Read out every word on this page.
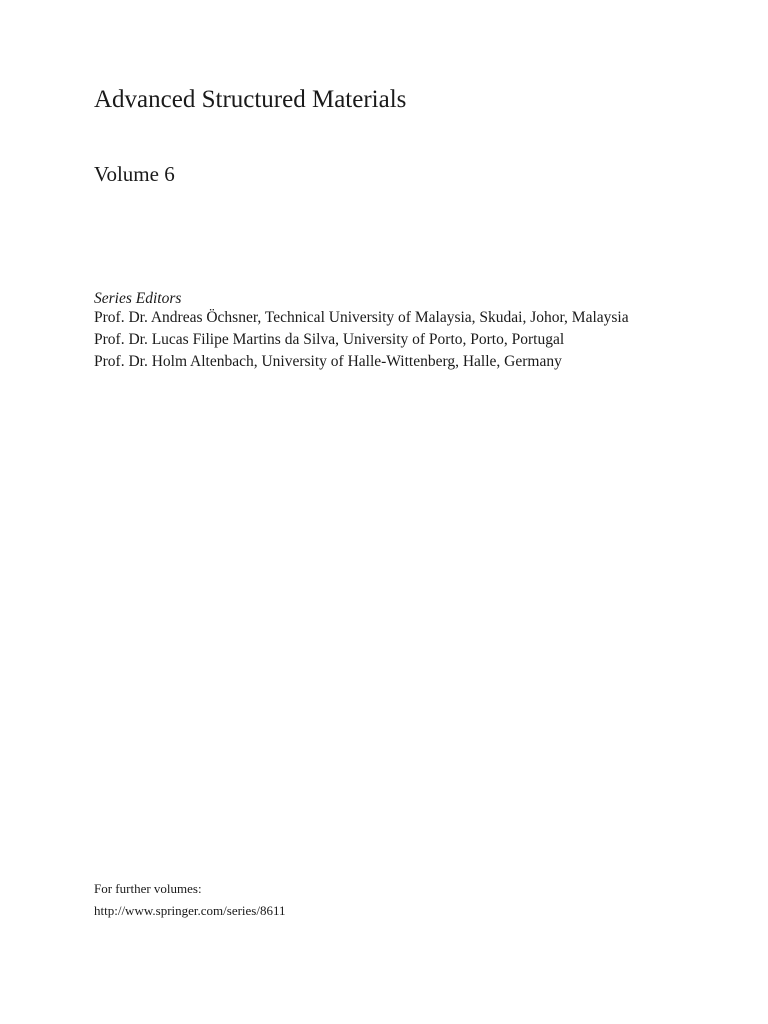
Advanced Structured Materials
Volume 6
Series Editors
Prof. Dr. Andreas Öchsner, Technical University of Malaysia, Skudai, Johor, Malaysia
Prof. Dr. Lucas Filipe Martins da Silva, University of Porto, Porto, Portugal
Prof. Dr. Holm Altenbach, University of Halle-Wittenberg, Halle, Germany
For further volumes:
http://www.springer.com/series/8611
